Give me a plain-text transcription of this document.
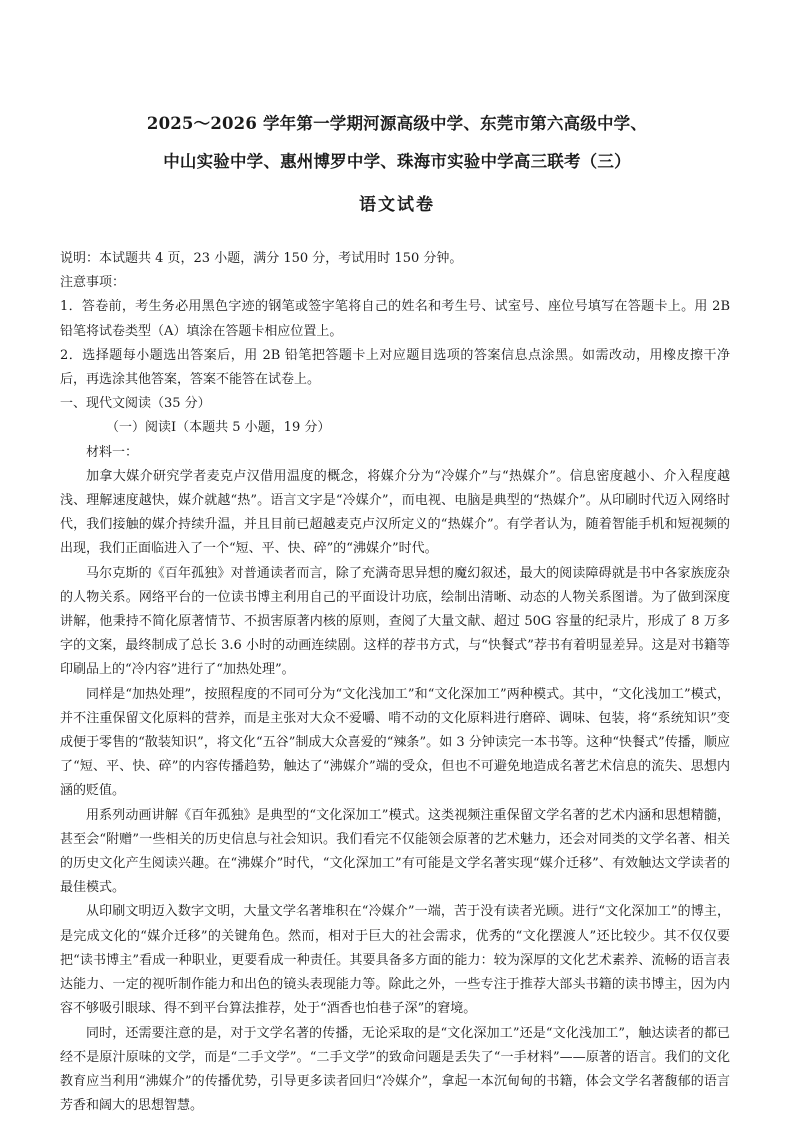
2025～2026 学年第一学期河源高级中学、东莞市第六高级中学、
中山实验中学、惠州博罗中学、珠海市实验中学高三联考（三）
语文试卷

说明：本试题共 4 页，23 小题，满分 150 分，考试用时 150 分钟。

注意事项：

1．答卷前，考生务必用黑色字迹的钢笔或签字笔将自己的姓名和考生号、试室号、座位号填写在答题卡上。用 2B 铅笔将试卷类型（A）填涂在答题卡相应位置上。

2．选择题每小题选出答案后，用 2B 铅笔把答题卡上对应题目选项的答案信息点涂黑。如需改动，用橡皮擦干净后，再选涂其他答案，答案不能答在试卷上。

一、现代文阅读（35 分）

（一）阅读Ⅰ（本题共 5 小题，19 分）

材料一：

加拿大媒介研究学者麦克卢汉借用温度的概念，将媒介分为“冷媒介”与“热媒介”。信息密度越小、介入程度越浅、理解速度越快，媒介就越“热”。语言文字是“冷媒介”，而电视、电脑是典型的“热媒介”。从印刷时代迈入网络时代，我们接触的媒介持续升温，并且目前已超越麦克卢汉所定义的“热媒介”。有学者认为，随着智能手机和短视频的出现，我们正面临进入了一个“短、平、快、碎”的“沸媒介”时代。

马尔克斯的《百年孤独》对普通读者而言，除了充满奇思异想的魔幻叙述，最大的阅读障碍就是书中各家族庞杂的人物关系。网络平台的一位读书博主利用自己的平面设计功底，绘制出清晰、动态的人物关系图谱。为了做到深度讲解，他秉持不简化原著情节、不损害原著内核的原则，查阅了大量文献、超过 50G 容量的纪录片，形成了 8 万多字的文案，最终制成了总长 3.6 小时的动画连续剧。这样的荐书方式，与“快餐式”荐书有着明显差异。这是对书籍等印刷品上的“冷内容”进行了“加热处理”。

同样是“加热处理”，按照程度的不同可分为“文化浅加工”和“文化深加工”两种模式。其中，“文化浅加工”模式，并不注重保留文化原料的营养，而是主张对大众不爱嚼、啃不动的文化原料进行磨碎、调味、包装，将“系统知识”变成便于零售的“散装知识”，将文化“五谷”制成大众喜爱的“辣条”。如 3 分钟读完一本书等。这种“快餐式”传播，顺应了“短、平、快、碎”的内容传播趋势，触达了“沸媒介”端的受众，但也不可避免地造成名著艺术信息的流失、思想内涵的贬值。

用系列动画讲解《百年孤独》是典型的“文化深加工”模式。这类视频注重保留文学名著的艺术内涵和思想精髓，甚至会“附赠”一些相关的历史信息与社会知识。我们看完不仅能领会原著的艺术魅力，还会对同类的文学名著、相关的历史文化产生阅读兴趣。在“沸媒介”时代，“文化深加工”有可能是文学名著实现“媒介迁移”、有效触达文学读者的最佳模式。

从印刷文明迈入数字文明，大量文学名著堆积在“冷媒介”一端，苦于没有读者光顾。进行“文化深加工”的博主，是完成文化的“媒介迁移”的关键角色。然而，相对于巨大的社会需求，优秀的“文化摆渡人”还比较少。其不仅仅要把“读书博主”看成一种职业，更要看成一种责任。其要具备多方面的能力：较为深厚的文化艺术素养、流畅的语言表达能力、一定的视听制作能力和出色的镜头表现能力等。除此之外，一些专注于推荐大部头书籍的读书博主，因为内容不够吸引眼球、得不到平台算法推荐，处于“酒香也怕巷子深”的窘境。

同时，还需要注意的是，对于文学名著的传播，无论采取的是“文化深加工”还是“文化浅加工”，触达读者的都已经不是原汁原味的文学，而是“二手文学”。“二手文学”的致命问题是丢失了“一手材料”——原著的语言。我们的文化教育应当利用“沸媒介”的传播优势，引导更多读者回归“冷媒介”，拿起一本沉甸甸的书籍，体会文学名著馥郁的语言芳香和阔大的思想智慧。
